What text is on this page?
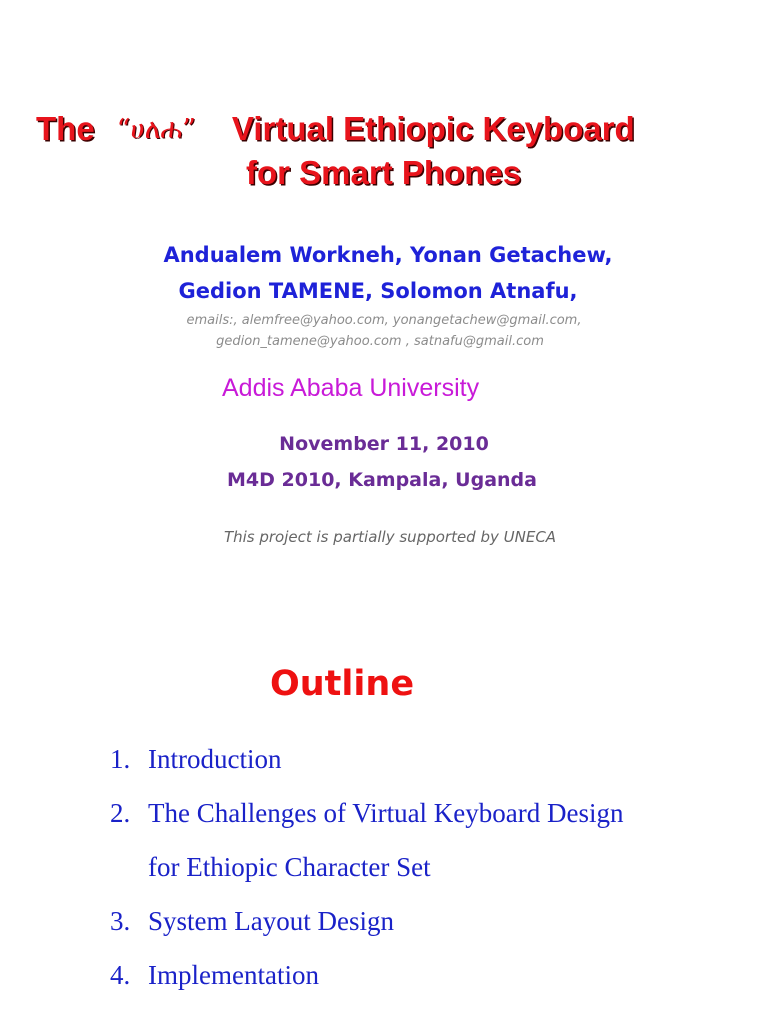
The “ሀለሐ” Virtual Ethiopic Keyboard
for Smart Phones
Andualem Workneh, Yonan Getachew,
Gedion TAMENE, Solomon Atnafu,
emails:, alemfree@yahoo.com, yonangetachew@gmail.com,
gedion_tamene@yahoo.com , satnafu@gmail.com
Addis Ababa University
November 11, 2010
M4D 2010, Kampala, Uganda
This project is partially supported by UNECA
Outline
1. Introduction
2. The Challenges of Virtual Keyboard Design
for Ethiopic Character Set
3. System Layout Design
4. Implementation
